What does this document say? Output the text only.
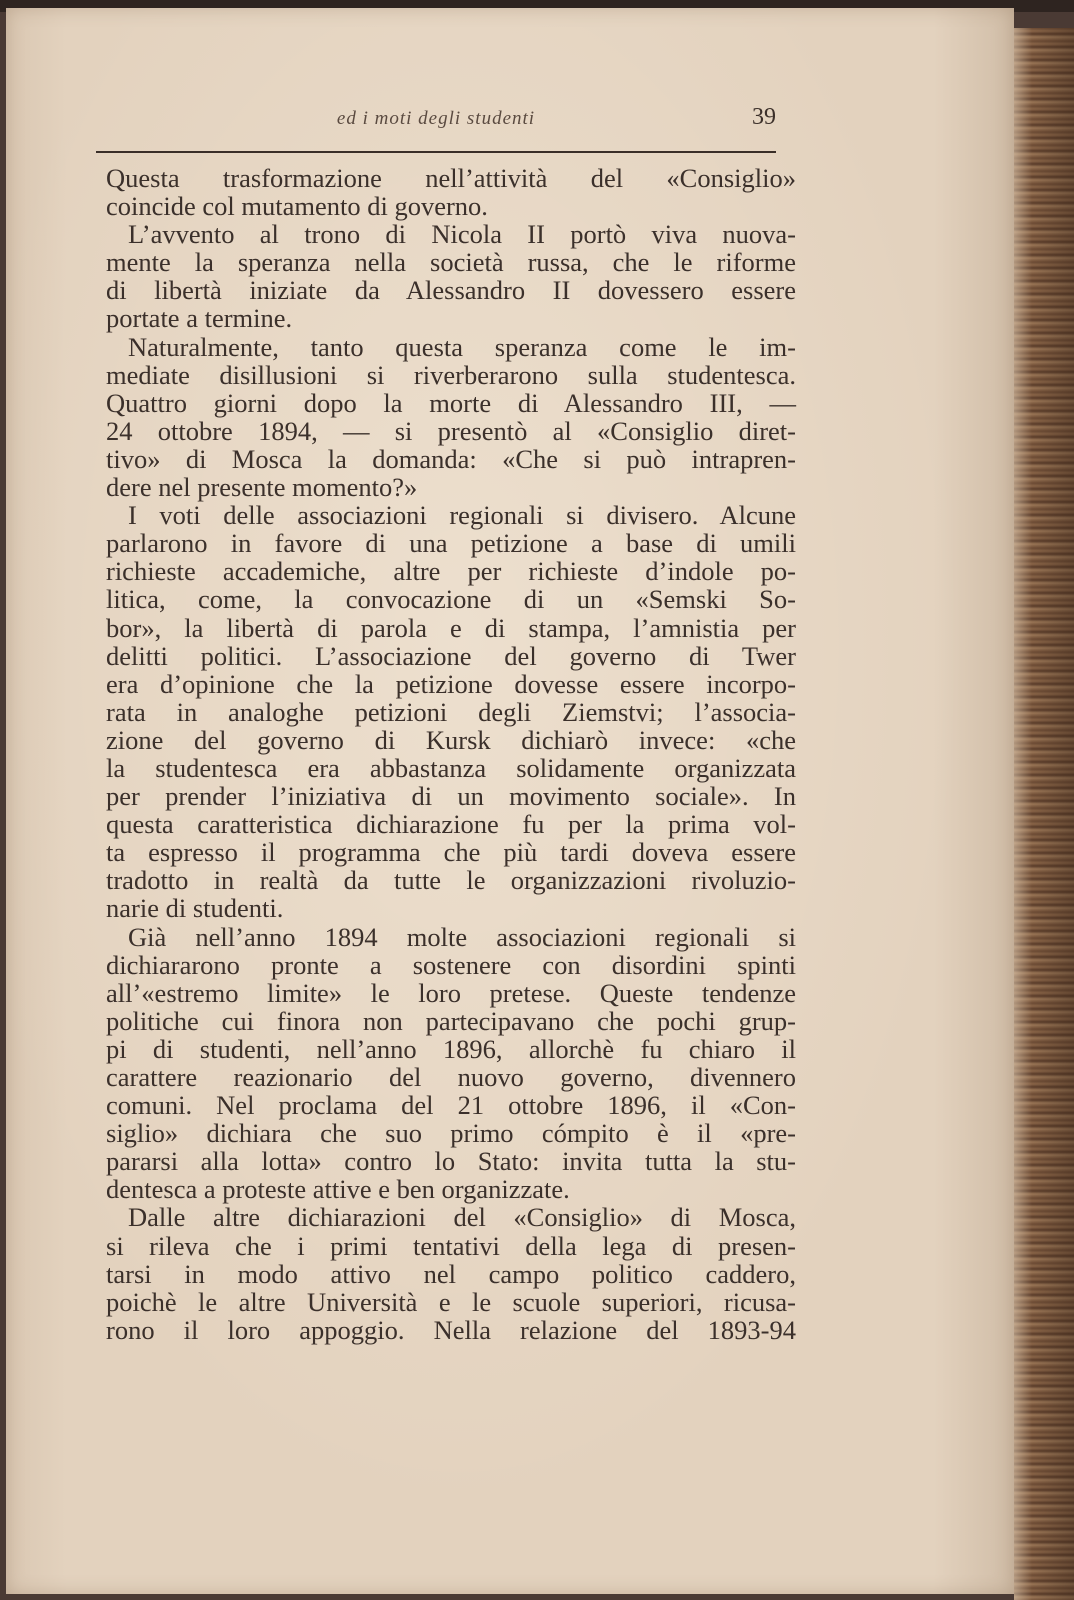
ed i moti degli studenti	39
Questa trasformazione nell’attività del «Consiglio»
coincide col mutamento di governo.
L’avvento al trono di Nicola II portò viva nuova-
mente la speranza nella società russa, che le riforme
di libertà iniziate da Alessandro II dovessero essere
portate a termine.
Naturalmente, tanto questa speranza come le im-
mediate disillusioni si riverberarono sulla studentesca.
Quattro giorni dopo la morte di Alessandro III, —
24 ottobre 1894, — si presentò al «Consiglio diret-
tivo» di Mosca la domanda: «Che si può intrapren-
dere nel presente momento?»
I voti delle associazioni regionali si divisero. Alcune
parlarono in favore di una petizione a base di umili
richieste accademiche, altre per richieste d’indole po-
litica, come, la convocazione di un «Semski So-
bor», la libertà di parola e di stampa, l’amnistia per
delitti politici. L’associazione del governo di Twer
era d’opinione che la petizione dovesse essere incorpo-
rata in analoghe petizioni degli Ziemstvi; l’associa-
zione del governo di Kursk dichiarò invece: «che
la studentesca era abbastanza solidamente organizzata
per prender l’iniziativa di un movimento sociale». In
questa caratteristica dichiarazione fu per la prima vol-
ta espresso il programma che più tardi doveva essere
tradotto in realtà da tutte le organizzazioni rivoluzio-
narie di studenti.
Già nell’anno 1894 molte associazioni regionali si
dichiararono pronte a sostenere con disordini spinti
all’«estremo limite» le loro pretese. Queste tendenze
politiche cui finora non partecipavano che pochi grup-
pi di studenti, nell’anno 1896, allorchè fu chiaro il
carattere reazionario del nuovo governo, divennero
comuni. Nel proclama del 21 ottobre 1896, il «Con-
siglio» dichiara che suo primo cómpito è il «pre-
pararsi alla lotta» contro lo Stato: invita tutta la stu-
dentesca a proteste attive e ben organizzate.
Dalle altre dichiarazioni del «Consiglio» di Mosca,
si rileva che i primi tentativi della lega di presen-
tarsi in modo attivo nel campo politico caddero,
poichè le altre Università e le scuole superiori, ricusa-
rono il loro appoggio. Nella relazione del 1893-94
